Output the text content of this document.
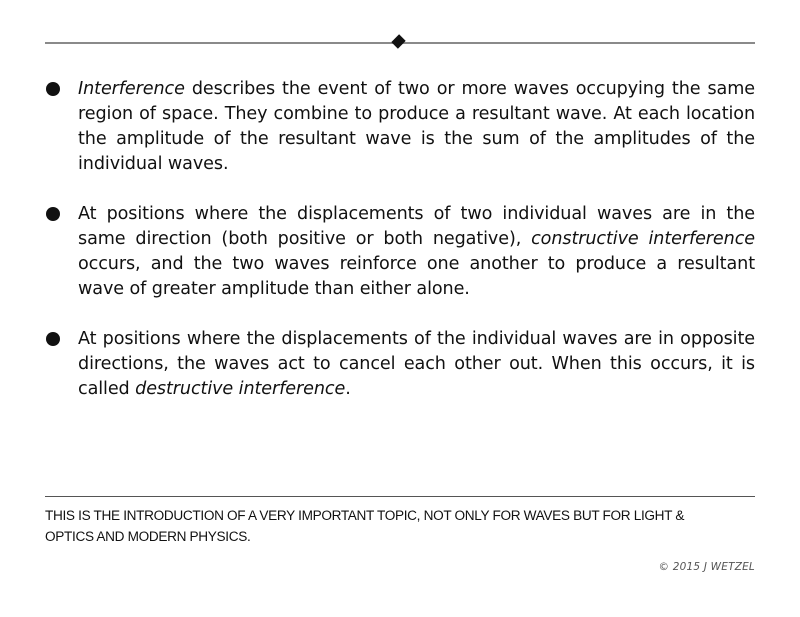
Interference describes the event of two or more waves occupying the same region of space. They combine to produce a resultant wave. At each location the amplitude of the resultant wave is the sum of the amplitudes of the individual waves.
At positions where the displacements of two individual waves are in the same direction (both positive or both negative), constructive interference occurs, and the two waves reinforce one another to produce a resultant wave of greater amplitude than either alone.
At positions where the displacements of the individual waves are in opposite directions, the waves act to cancel each other out. When this occurs, it is called destructive interference.
THIS IS THE INTRODUCTION OF A VERY IMPORTANT TOPIC, NOT ONLY FOR WAVES BUT FOR LIGHT & OPTICS AND MODERN PHYSICS.
© 2015 J WETZEL
